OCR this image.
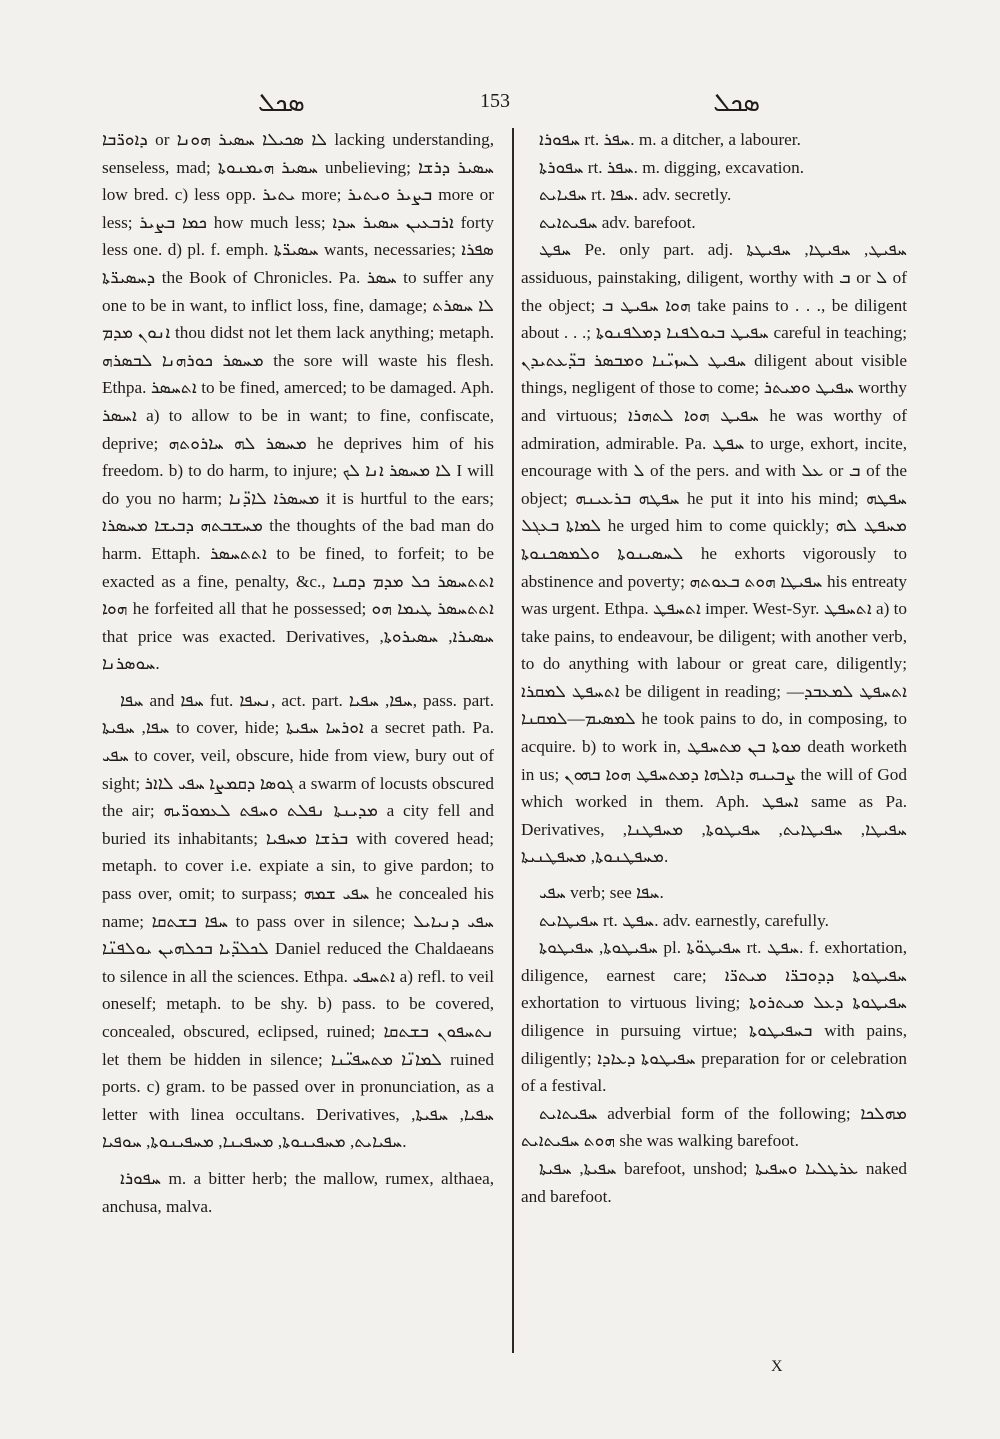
ܣܟܠ	153	ܣܟܠ

ܕܐܘܪ̈ܒܐ or ܠܐ ܣܟܝܠܐ ܚܣܝܪ ܗܘܢܐ lacking understanding, senseless, mad; ܚܣܝܪ ܗܝܡܢܘܬܐ unbelieving; ܚܣܝܪ ܕܪܫܐ low bred. c) less opp. ܝܬܝܪ more; ܒܨܝܪ ܘܝܬܝܪ more or less; ܟܡܐ ܒܨܝܪ how much less; ܐܪܒܥܝܢ ܚܣܝܪ ܚܕܐ forty less one. d) pl. f. emph. ܚܣܝܪ̈ܬܐ wants, necessaries; ܣܦܪܐ ܕܚܣܝܪ̈ܬܐ the Book of Chronicles. Pa. ܚܣܪ to suffer any one to be in want, to inflict loss, fine, damage; ܠܐ ܚܣܪܬ ܐܢܘܢ ܡܕܡ thou didst not let them lack anything; metaph. ܡܚܣܪ ܟܘܪܗܢܐ ܠܒܣܪܗ the sore will waste his flesh. Ethpa. ܐܬܚܣܪ to be fined, amerced; to be damaged. Aph. ܐܚܣܪ a) to allow to be in want; to fine, confiscate, deprive; ܡܚܣܪ ܠܗ ܚܐܪܘܬܗ he deprives him of his freedom. b) to do harm, to injure; ܠܐ ܡܚܣܪ ܐܢܐ ܠܟ I will do you no harm; ܡܚܣܪܐ ܠܐܕ̈ܢܐ it is hurtful to the ears; ܡܚܫܒܬܗ ܕܒܝܫܐ ܡܚܣܪܐ the thoughts of the bad man do harm. Ettaph. ܐܬܬܚܣܪ to be fined, to forfeit; to be exacted as a fine, penalty, &c., ܐܬܬܚܣܪ ܟܠ ܡܕܡ ܕܩܢܐ ܗܘܐ he forfeited all that he possessed; ܐܬܬܚܣܪ ܛܝܡܐ ܗܘ that price was exacted. Derivatives, ܚܣܝܪܐ, ܚܣܝܪܘܬܐ, ܚܘܣܪܢܐ.

ܚܦܐ and ܚܦܐ fut. ܢܚܦܐ, act. part. ܚܦܐ, ܚܦܝܐ, pass. part. ܚܦܐ, ܚܦܝܬܐ to cover, hide; ܐܘܪܚܐ ܚܦܝܬܐ a secret path. Pa. ܚܦܝ to cover, veil, obscure, hide from view, bury out of sight; ܓܘܣܐ ܕܩܡܨܐ ܚܦܝ ܠܐܐܪ a swarm of locusts obscured the air; ܡܕܝܢܬܐ ܢܦܠܬ ܘܚܦܬ ܠܥܡܘܪ̈ܝܗ a city fell and buried its inhabitants; ܒܪܫܐ ܡܚܦܝܐ with covered head; metaph. to cover i.e. expiate a sin, to give pardon; to pass over, omit; to surpass; ܚܦܝ ܫܡܗ he concealed his name; ܚܦܐ ܒܫܬܩܐ to pass over in silence; ܚܦܝ ܕܢܝܐܝܠ ܠܟܠܕ̈ܝܐ ܒܟܠܗܝܢ ܝܘܠܦܢ̈ܐ Daniel reduced the Chaldaeans to silence in all the sciences. Ethpa. ܐܬܚܦܝ a) refl. to veil oneself; metaph. to be shy. b) pass. to be covered, concealed, obscured, eclipsed, ruined; ܢܬܚܦܘܢ ܒܫܬܩܐ let them be hidden in silence; ܠܡܐܢ̈ܐ ܡܬܚܦܝ̈ܢܐ ruined ports. c) gram. to be passed over in pronunciation, as a letter with linea occultans. Derivatives, ܚܦܝܐ, ܚܦܝܬܐ, ܚܦܝܐܝܬ, ܡܚܦܝܢܘܬܐ, ܡܚܦܝܢܐ, ܡܚܦܝܢܘܬܐ, ܚܘܦܝܐ.

ܚܦܘܪܐ m. a bitter herb; the mallow, rumex, althaea, anchusa, malva.

ܚܦܘܪܐ rt. ܚܦܪ. m. a ditcher, a labourer.

ܚܦܘܪܬܐ rt. ܚܦܪ. m. digging, excavation.

ܚܦܝܐܝܬ rt. ܚܦܐ. adv. secretly.

ܚܦܝܬܐܝܬ adv. barefoot.

ܚܦܛ Pe. only part. adj. ܚܦܝܛ, ܚܦܝܛܐ, ܚܦܝܛܬܐ assiduous, painstaking, diligent, worthy with ܒ or ܠ of the object; ܗܘܐ ܚܦܝܛ ܒ take pains to . . ., be diligent about . . .; ܚܦܝܛ ܒܝܘܠܦܢܐ ܕܡܠܦܢܘܬܐ careful in teaching; ܚܦܝܛ ܠܚܙܝ̈ܢܐ ܘܡܒܣܪ ܒܕ̈ܥܬܝܕܢ diligent about visible things, negligent of those to come; ܚܦܝܛ ܘܡܝܬܪ worthy and virtuous; ܚܦܝܛ ܗܘܐ ܠܬܗܪܐ he was worthy of admiration, admirable. Pa. ܚܦܛ to urge, exhort, incite, encourage with ܠ of the pers. and with ܥܠ or ܒ of the object; ܚܦܛܗ ܒܪܥܝܢܗ he put it into his mind; ܚܦܛܗ ܠܡܐܬܐ ܒܥܓܠ he urged him to come quickly; ܡܚܦܛ ܠܗ ܠܚܣܝܢܘܬܐ ܘܠܡܣܟܢܘܬܐ he exhorts vigorously to abstinence and poverty; ܚܦܝܛܐ ܗܘܬ ܒܥܘܬܗ his entreaty was urgent. Ethpa. ܐܬܚܦܛ imper. West-Syr. ܐܬܚܦܛ a) to take pains, to endeavour, be diligent; with another verb, to do anything with labour or great care, diligently; ܐܬܚܦܛ ܠܡܩܪܐ be diligent in reading; ܐܬܚܦܛ ܠܡܥܒܕ—ܠܡܣܝܡ—ܠܡܩܢܐ he took pains to do, in composing, to acquire. b) to work in, ܡܘܬܐ ܒܢ ܡܬܚܦܛ death worketh in us; ܨܒܝܢܗ ܕܐܠܗܐ ܕܡܬܚܦܛ ܗܘܐ ܒܗܘܢ the will of God which worked in them. Aph. ܐܚܦܛ same as Pa. Derivatives, ܚܦܝܛܐ, ܚܦܝܛܐܝܬ, ܚܦܝܛܘܬܐ, ܡܚܦܛܢܐ, ܡܚܦܛܢܘܬܐ, ܡܚܦܛܢܝܬܐ.

ܚܦܝ verb; see ܚܦܐ.

ܚܦܝܛܐܝܬ rt. ܚܦܛ. adv. earnestly, carefully.

ܚܦܝܛܘܬܐ, ܚܦܝܛܘܬܐ pl. ܚܦܝܛܘ̈ܬܐ rt. ܚܦܛ. f. exhortation, diligence, earnest care; ܚܦܝܛܘܬܐ ܕܕܘܒܪ̈ܐ ܡܝܬܪ̈ܐ exhortation to virtuous living; ܚܦܝܛܘܬܐ ܕܥܠ ܡܝܬܪܘܬܐ diligence in pursuing virtue; ܒܚܦܝܛܘܬܐ with pains, diligently; ܚܦܝܛܘܬܐ ܕܥܐܕܐ preparation for or celebration of a festival.

ܚܦܝܬܐܝܬ adverbial form of the following; ܡܗܠܟܐ ܗܘܬ ܚܦܝܬܐܝܬ she was walking barefoot.

ܚܦܝܬܐ, ܚܦܝܬܐ barefoot, unshod; ܥܪܛܠܝܐ ܘܚܦܝܬܐ naked and barefoot.

X
